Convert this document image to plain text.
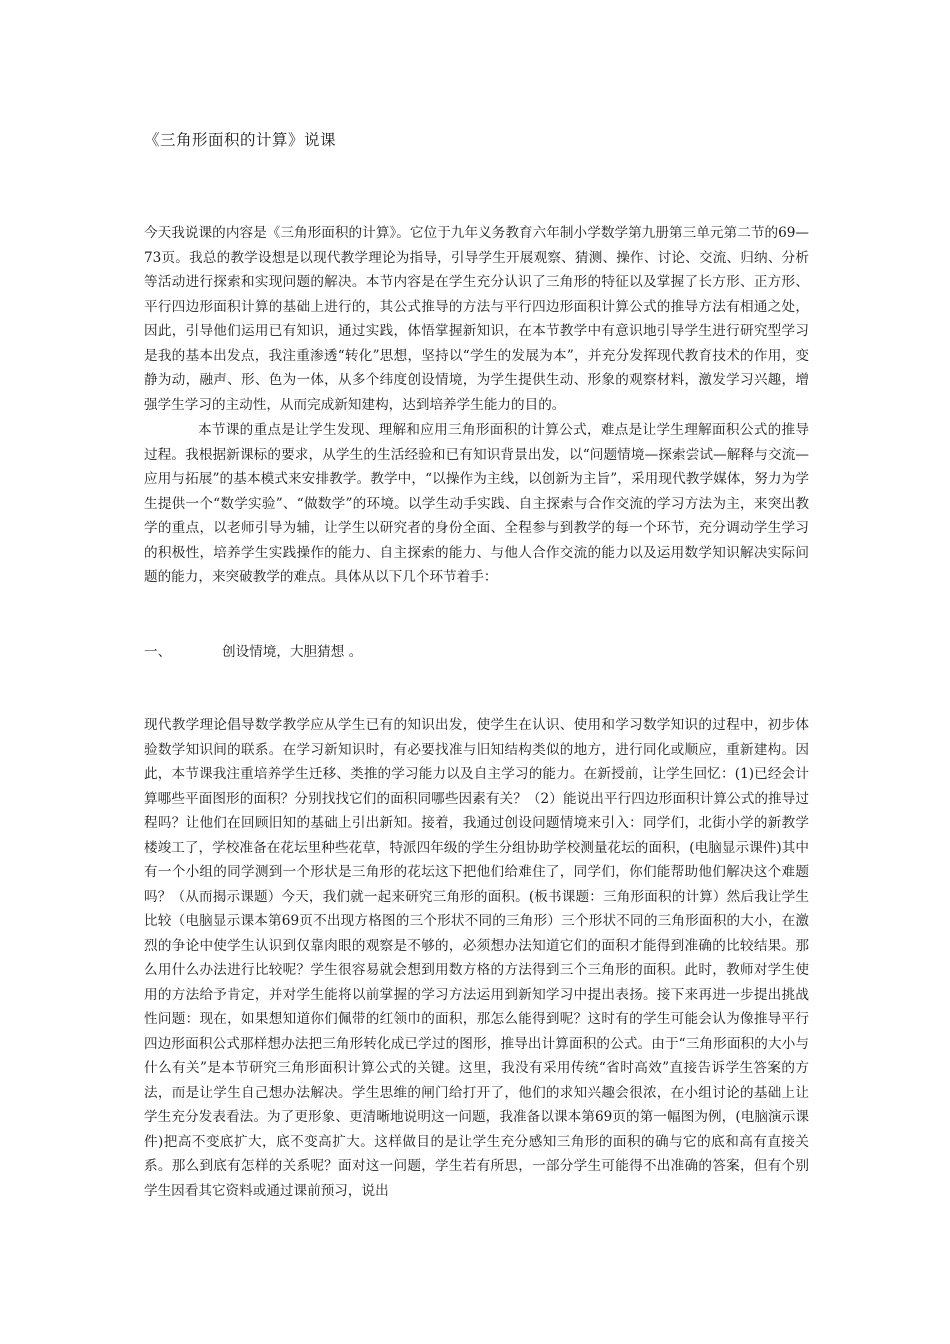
《三角形面积的计算》说课

今天我说课的内容是《三角形面积的计算》。它位于九年义务教育六年制小学数学第九册第三单元第二节的69—73页。我总的教学设想是以现代教学理论为指导，引导学生开展观察、猜测、操作、讨论、交流、归纳、分析等活动进行探索和实现问题的解决。本节内容是在学生充分认识了三角形的特征以及掌握了长方形、正方形、平行四边形面积计算的基础上进行的，其公式推导的方法与平行四边形面积计算公式的推导方法有相通之处，因此，引导他们运用已有知识，通过实践，体悟掌握新知识，在本节教学中有意识地引导学生进行研究型学习是我的基本出发点，我注重渗透“转化”思想，坚持以“学生的发展为本”，并充分发挥现代教育技术的作用，变静为动，融声、形、色为一体，从多个纬度创设情境，为学生提供生动、形象的观察材料，激发学习兴趣，增强学生学习的主动性，从而完成新知建构，达到培养学生能力的目的。

本节课的重点是让学生发现、理解和应用三角形面积的计算公式，难点是让学生理解面积公式的推导过程。我根据新课标的要求，从学生的生活经验和已有知识背景出发，以“问题情境—探索尝试—解释与交流—应用与拓展”的基本模式来安排教学。教学中，“以操作为主线，以创新为主旨”，采用现代教学媒体，努力为学生提供一个“数学实验”、“做数学”的环境。以学生动手实践、自主探索与合作交流的学习方法为主，来突出教学的重点，以老师引导为辅，让学生以研究者的身份全面、全程参与到教学的每一个环节，充分调动学生学习的积极性，培养学生实践操作的能力、自主探索的能力、与他人合作交流的能力以及运用数学知识解决实际问题的能力，来突破教学的难点。具体从以下几个环节着手：

一、	创设情境，大胆猜想 。

现代教学理论倡导数学教学应从学生已有的知识出发，使学生在认识、使用和学习数学知识的过程中，初步体验数学知识间的联系。在学习新知识时，有必要找准与旧知结构类似的地方，进行同化或顺应，重新建构。因此，本节课我注重培养学生迁移、类推的学习能力以及自主学习的能力。在新授前，让学生回忆：(1)已经会计算哪些平面图形的面积？分别找找它们的面积同哪些因素有关？（2）能说出平行四边形面积计算公式的推导过程吗？让他们在回顾旧知的基础上引出新知。接着，我通过创设问题情境来引入：同学们，北街小学的新教学楼竣工了，学校准备在花坛里种些花草，特派四年级的学生分组协助学校测量花坛的面积，(电脑显示课件)其中有一个小组的同学测到一个形状是三角形的花坛这下把他们给难住了，同学们，你们能帮助他们解决这个难题吗？（从而揭示课题）今天，我们就一起来研究三角形的面积。(板书课题：三角形面积的计算）然后我让学生比较（电脑显示课本第69页不出现方格图的三个形状不同的三角形）三个形状不同的三角形面积的大小，在激烈的争论中使学生认识到仅靠肉眼的观察是不够的，必须想办法知道它们的面积才能得到准确的比较结果。那么用什么办法进行比较呢？学生很容易就会想到用数方格的方法得到三个三角形的面积。此时，教师对学生使用的方法给予肯定，并对学生能将以前掌握的学习方法运用到新知学习中提出表扬。接下来再进一步提出挑战性问题：现在，如果想知道你们佩带的红领巾的面积，那怎么能得到呢？这时有的学生可能会认为像推导平行四边形面积公式那样想办法把三角形转化成已学过的图形，推导出计算面积的公式。由于“三角形面积的大小与什么有关”是本节研究三角形面积计算公式的关键。这里，我没有采用传统“省时高效”直接告诉学生答案的方法，而是让学生自己想办法解决。学生思维的闸门给打开了，他们的求知兴趣会很浓，在小组讨论的基础上让学生充分发表看法。为了更形象、更清晰地说明这一问题，我准备以课本第69页的第一幅图为例，(电脑演示课件)把高不变底扩大，底不变高扩大。这样做目的是让学生充分感知三角形的面积的确与它的底和高有直接关系。那么到底有怎样的关系呢？面对这一问题，学生若有所思，一部分学生可能得不出准确的答案，但有个别学生因看其它资料或通过课前预习，说出
